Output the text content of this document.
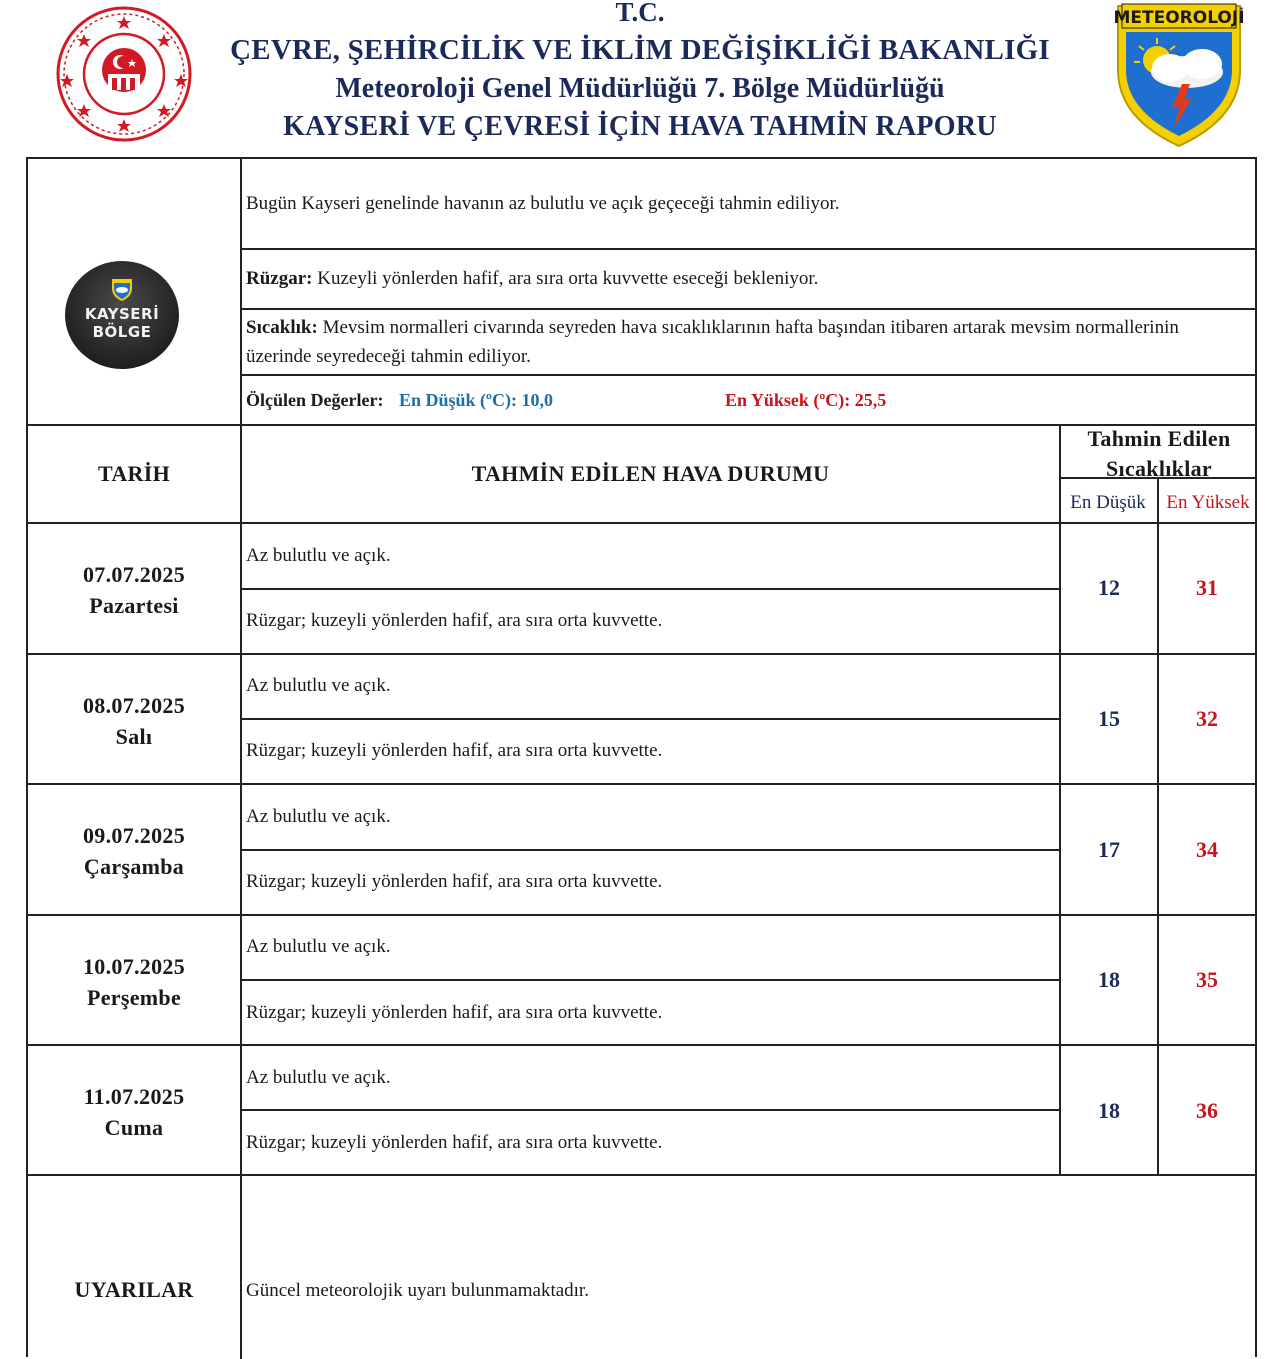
T.C.
ÇEVRE, ŞEHİRCİLİK VE İKLİM DEĞİŞİKLİĞİ BAKANLIĞI
Meteoroloji Genel Müdürlüğü 7. Bölge Müdürlüğü
KAYSERİ VE ÇEVRESİ İÇİN HAVA TAHMİN RAPORU
METEOROLOJİ
KAYSERİ
BÖLGE
Bugün Kayseri genelinde havanın az bulutlu ve açık geçeceği tahmin ediliyor.
Rüzgar: Kuzeyli yönlerden hafif, ara sıra orta kuvvette eseceği bekleniyor.
Sıcaklık: Mevsim normalleri civarında seyreden hava sıcaklıklarının hafta başından itibaren artarak mevsim normallerinin üzerinde seyredeceği tahmin ediliyor.
Ölçülen Değerler: En Düşük (ºC): 10,0	En Yüksek (ºC): 25,5
TARİH	TAHMİN EDİLEN HAVA DURUMU
Tahmin Edilen Sıcaklıklar
En Düşük	En Yüksek
07.07.2025
Pazartesi
Az bulutlu ve açık.
Rüzgar; kuzeyli yönlerden hafif, ara sıra orta kuvvette.
12	31
08.07.2025
Salı
Az bulutlu ve açık.
Rüzgar; kuzeyli yönlerden hafif, ara sıra orta kuvvette.
15	32
09.07.2025
Çarşamba
Az bulutlu ve açık.
Rüzgar; kuzeyli yönlerden hafif, ara sıra orta kuvvette.
17	34
10.07.2025
Perşembe
Az bulutlu ve açık.
Rüzgar; kuzeyli yönlerden hafif, ara sıra orta kuvvette.
18	35
11.07.2025
Cuma
Az bulutlu ve açık.
Rüzgar; kuzeyli yönlerden hafif, ara sıra orta kuvvette.
18	36
UYARILAR	Güncel meteorolojik uyarı bulunmamaktadır.
